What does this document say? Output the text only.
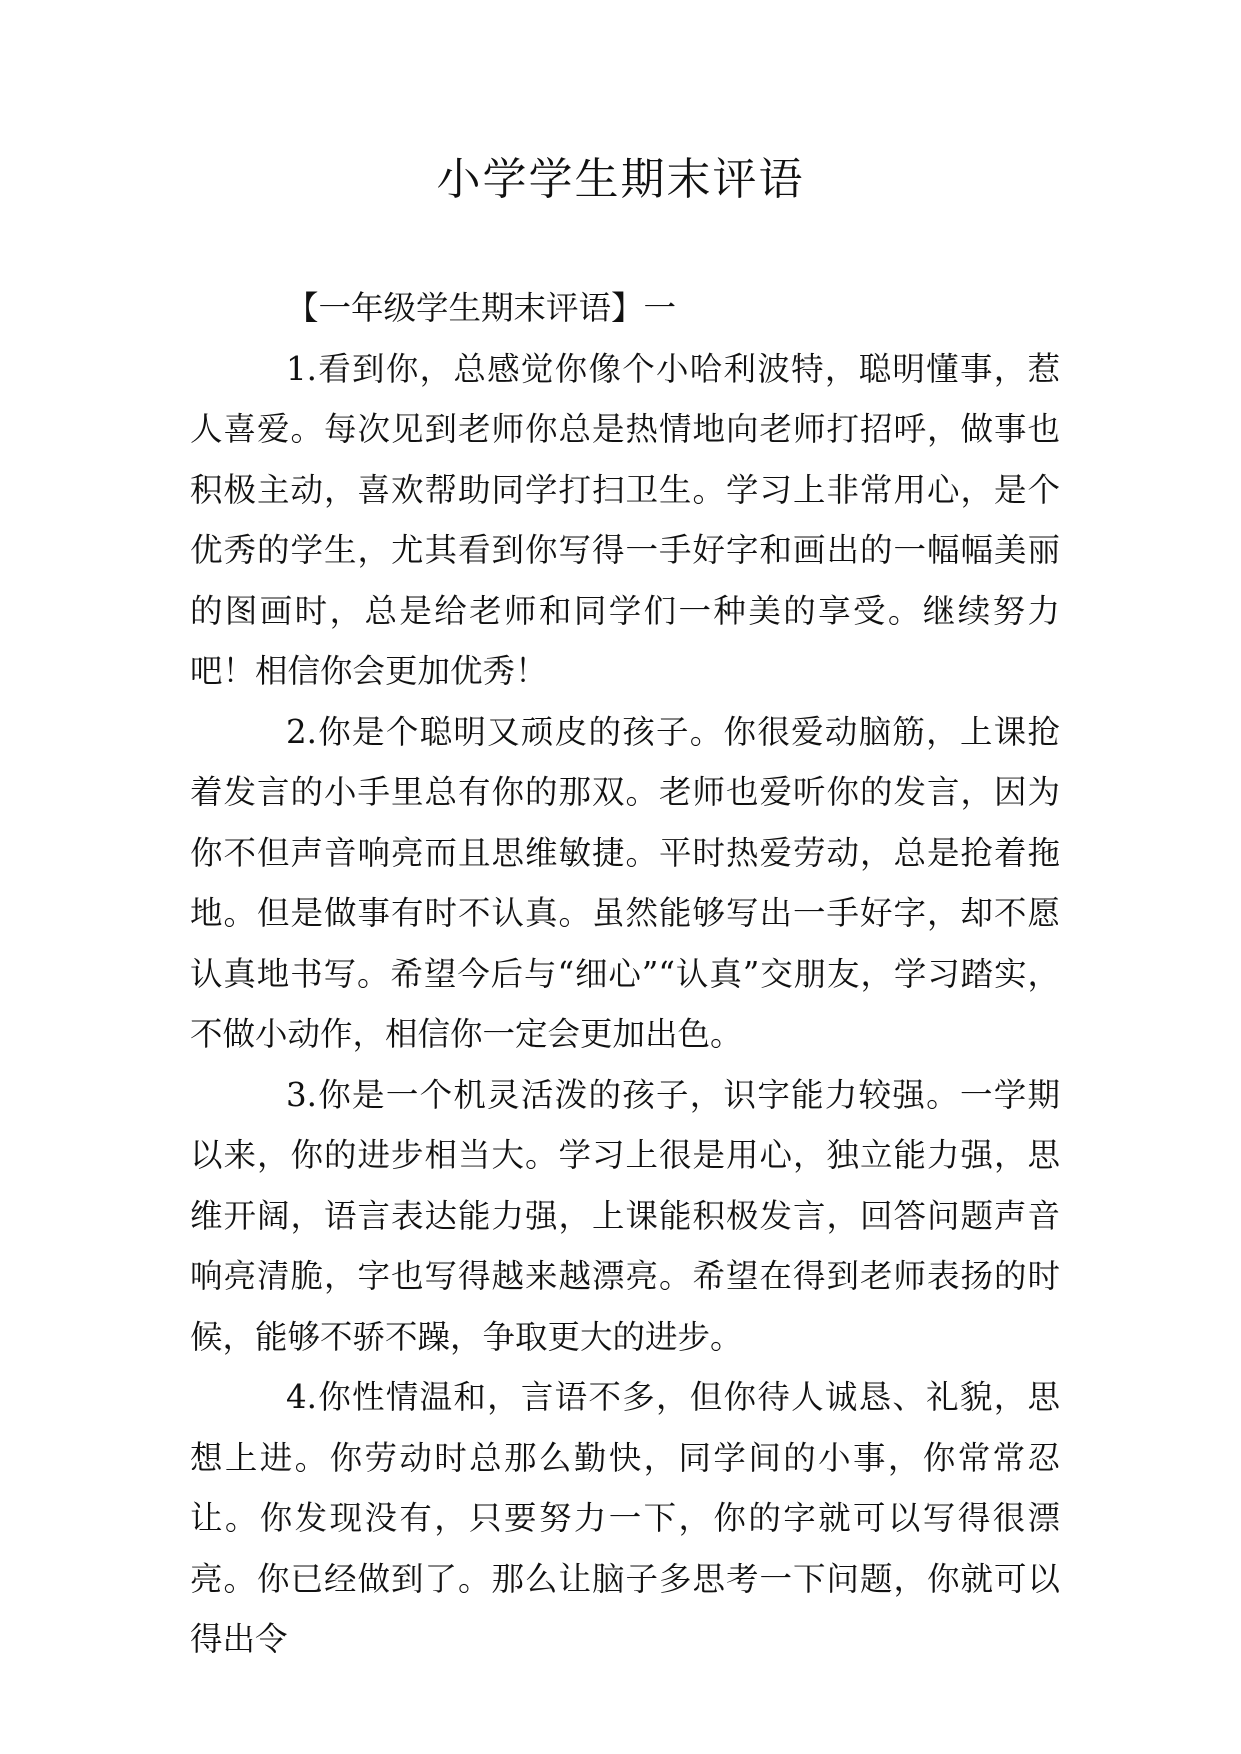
小学学生期末评语
【一年级学生期末评语】一

1.看到你，总感觉你像个小哈利波特，聪明懂事，惹人喜爱。每次见到老师你总是热情地向老师打招呼，做事也积极主动，喜欢帮助同学打扫卫生。学习上非常用心，是个优秀的学生，尤其看到你写得一手好字和画出的一幅幅美丽的图画时，总是给老师和同学们一种美的享受。继续努力吧！相信你会更加优秀！

2.你是个聪明又顽皮的孩子。你很爱动脑筋，上课抢着发言的小手里总有你的那双。老师也爱听你的发言，因为你不但声音响亮而且思维敏捷。平时热爱劳动，总是抢着拖地。但是做事有时不认真。虽然能够写出一手好字，却不愿认真地书写。希望今后与“细心”“认真”交朋友，学习踏实，不做小动作，相信你一定会更加出色。

3.你是一个机灵活泼的孩子，识字能力较强。一学期以来，你的进步相当大。学习上很是用心，独立能力强，思维开阔，语言表达能力强，上课能积极发言，回答问题声音响亮清脆，字也写得越来越漂亮。希望在得到老师表扬的时候，能够不骄不躁，争取更大的进步。

4.你性情温和，言语不多，但你待人诚恳、礼貌，思想上进。你劳动时总那么勤快，同学间的小事，你常常忍让。你发现没有，只要努力一下，你的字就可以写得很漂亮。你已经做到了。那么让脑子多思考一下问题，你就可以得出令
